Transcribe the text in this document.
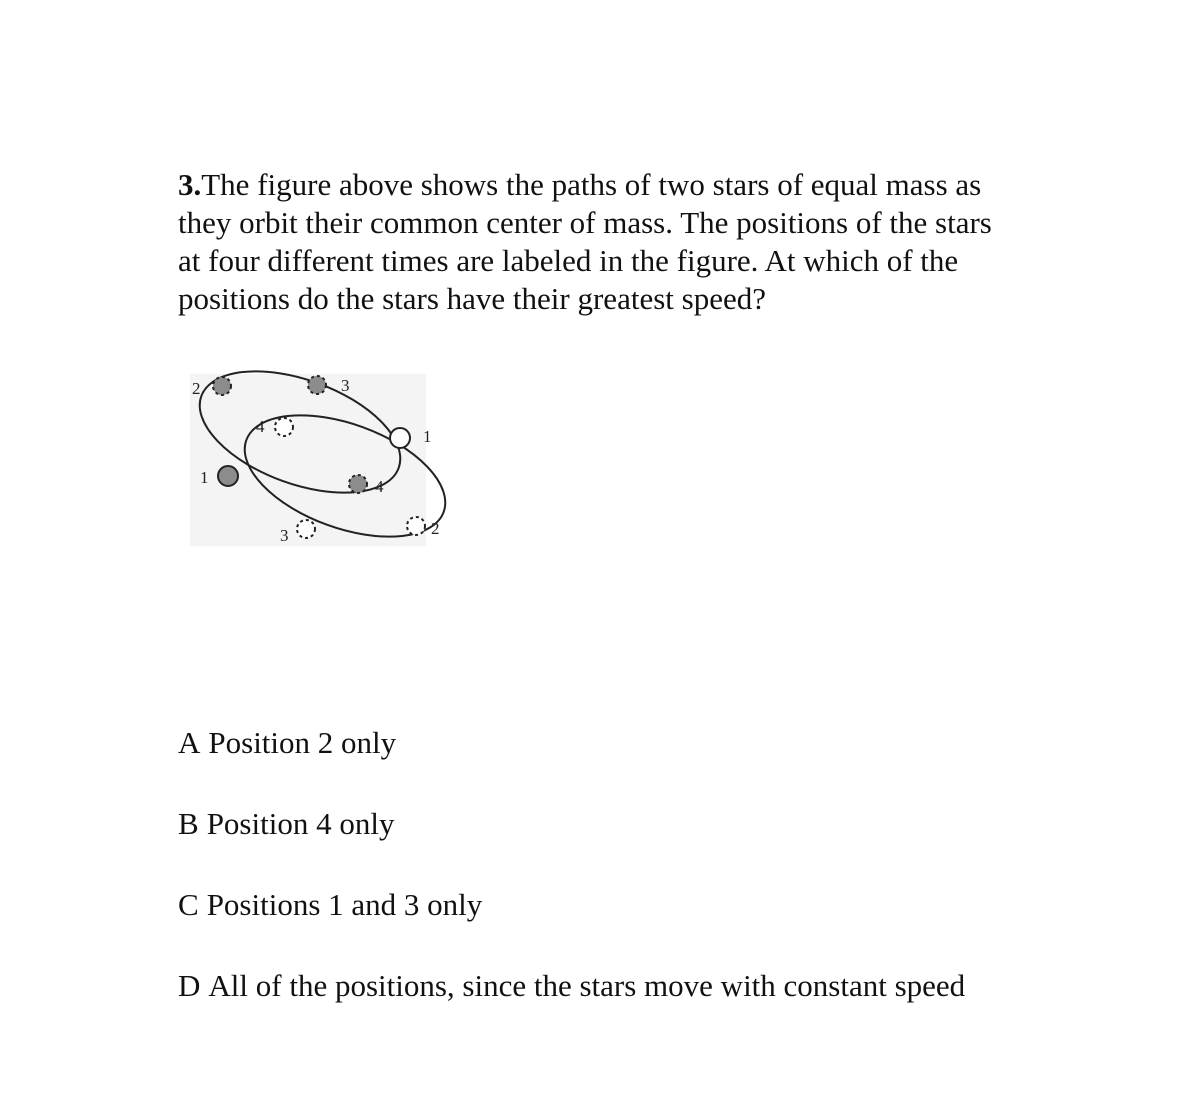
3.The figure above shows the paths of two stars of equal mass as they orbit their common center of mass. The positions of the stars at four different times are labeled in the figure. At which of the positions do the stars have their greatest speed?

2	3
1	4
4
1
3	2

A Position 2 only

B Position 4 only

C Positions 1 and 3 only

D All of the positions, since the stars move with constant speed
